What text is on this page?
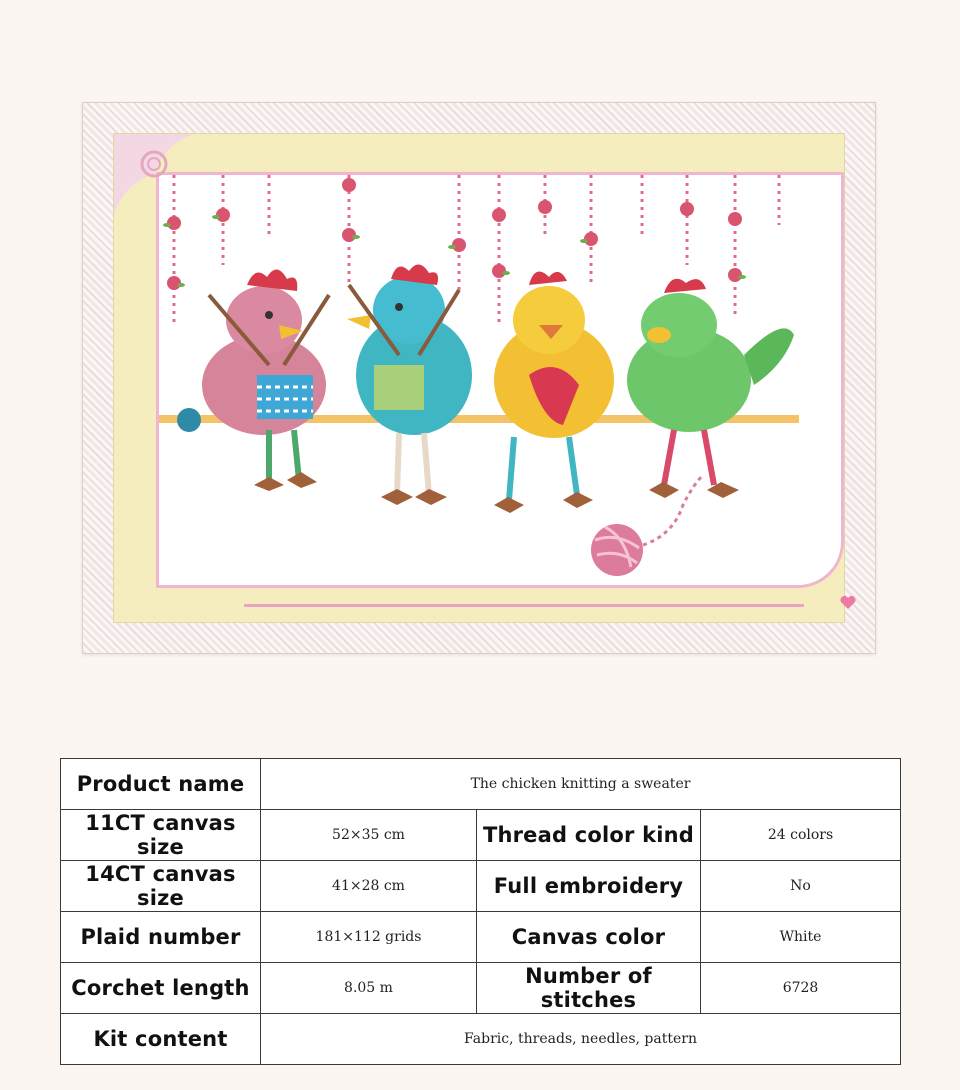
Product name	The chicken knitting a sweater		
11CT canvas size	52×35 cm	Thread color kind	24 colors
14CT canvas size	41×28 cm	Full embroidery	No
Plaid number	181×112 grids	Canvas color	White
Corchet length	8.05 m	Number of stitches	6728
Kit content	Fabric, threads, needles, pattern		
